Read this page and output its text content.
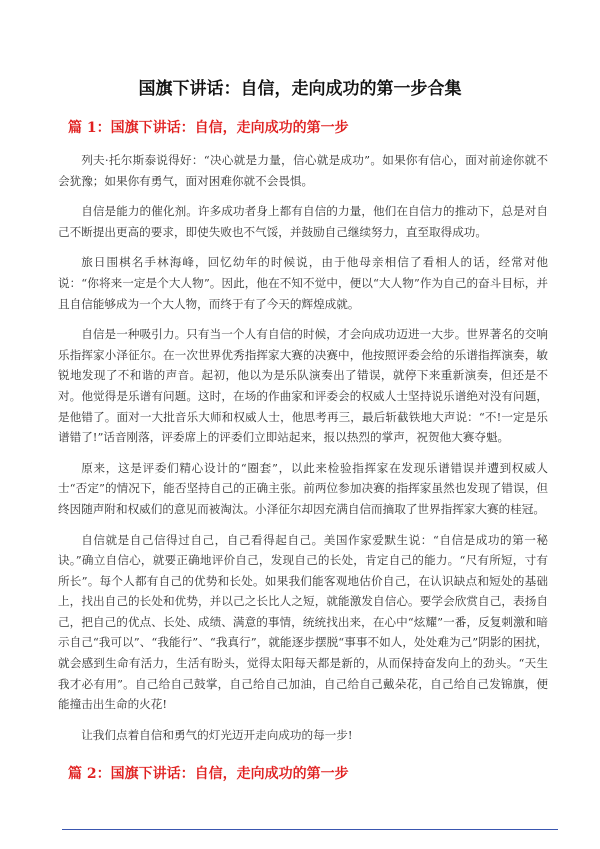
国旗下讲话：自信，走向成功的第一步合集
篇 1：国旗下讲话：自信，走向成功的第一步

列夫·托尔斯泰说得好：“决心就是力量，信心就是成功”。如果你有信心，面对前途你就不会犹豫；如果你有勇气，面对困难你就不会畏惧。

自信是能力的催化剂。许多成功者身上都有自信的力量，他们在自信力的推动下，总是对自己不断提出更高的要求，即使失败也不气馁，并鼓励自己继续努力，直至取得成功。

旅日围棋名手林海峰，回忆幼年的时候说，由于他母亲相信了看相人的话，经常对他说：“你将来一定是个大人物”。因此，他在不知不觉中，便以“大人物”作为自己的奋斗目标，并且自信能够成为一个大人物，而终于有了今天的辉煌成就。

自信是一种吸引力。只有当一个人有自信的时候，才会向成功迈进一大步。世界著名的交响乐指挥家小泽征尔。在一次世界优秀指挥家大赛的决赛中，他按照评委会给的乐谱指挥演奏，敏锐地发现了不和谐的声音。起初，他以为是乐队演奏出了错误，就停下来重新演奏，但还是不对。他觉得是乐谱有问题。这时，在场的作曲家和评委会的权威人士坚持说乐谱绝对没有问题，是他错了。面对一大批音乐大师和权威人士，他思考再三，最后斩截铁地大声说：“不!一定是乐谱错了!”话音刚落，评委席上的评委们立即站起来，报以热烈的掌声，祝贺他大赛夺魁。

原来，这是评委们精心设计的“圈套”，以此来检验指挥家在发现乐谱错误并遭到权威人士“否定”的情况下，能否坚持自己的正确主张。前两位参加决赛的指挥家虽然也发现了错误，但终因随声附和权威们的意见而被淘汰。小泽征尔却因充满自信而摘取了世界指挥家大赛的桂冠。

自信就是自己信得过自己，自己看得起自己。美国作家爱默生说：“自信是成功的第一秘诀。”确立自信心，就要正确地评价自己，发现自己的长处，肯定自己的能力。“尺有所短，寸有所长”。每个人都有自己的优势和长处。如果我们能客观地估价自己，在认识缺点和短处的基础上，找出自己的长处和优势，并以己之长比人之短，就能激发自信心。要学会欣赏自己，表扬自己，把自己的优点、长处、成绩、满意的事情，统统找出来，在心中“炫耀”一番，反复刺激和暗示自己“我可以”、“我能行”、“我真行”，就能逐步摆脱“事事不如人，处处难为己”阴影的困扰，就会感到生命有活力，生活有盼头，觉得太阳每天都是新的，从而保持奋发向上的劲头。“天生我才必有用”。自己给自己鼓掌，自己给自己加油，自己给自己戴朵花，自己给自己发锦旗，便能撞击出生命的火花!

让我们点着自信和勇气的灯光迈开走向成功的每一步!

篇 2：国旗下讲话：自信，走向成功的第一步
